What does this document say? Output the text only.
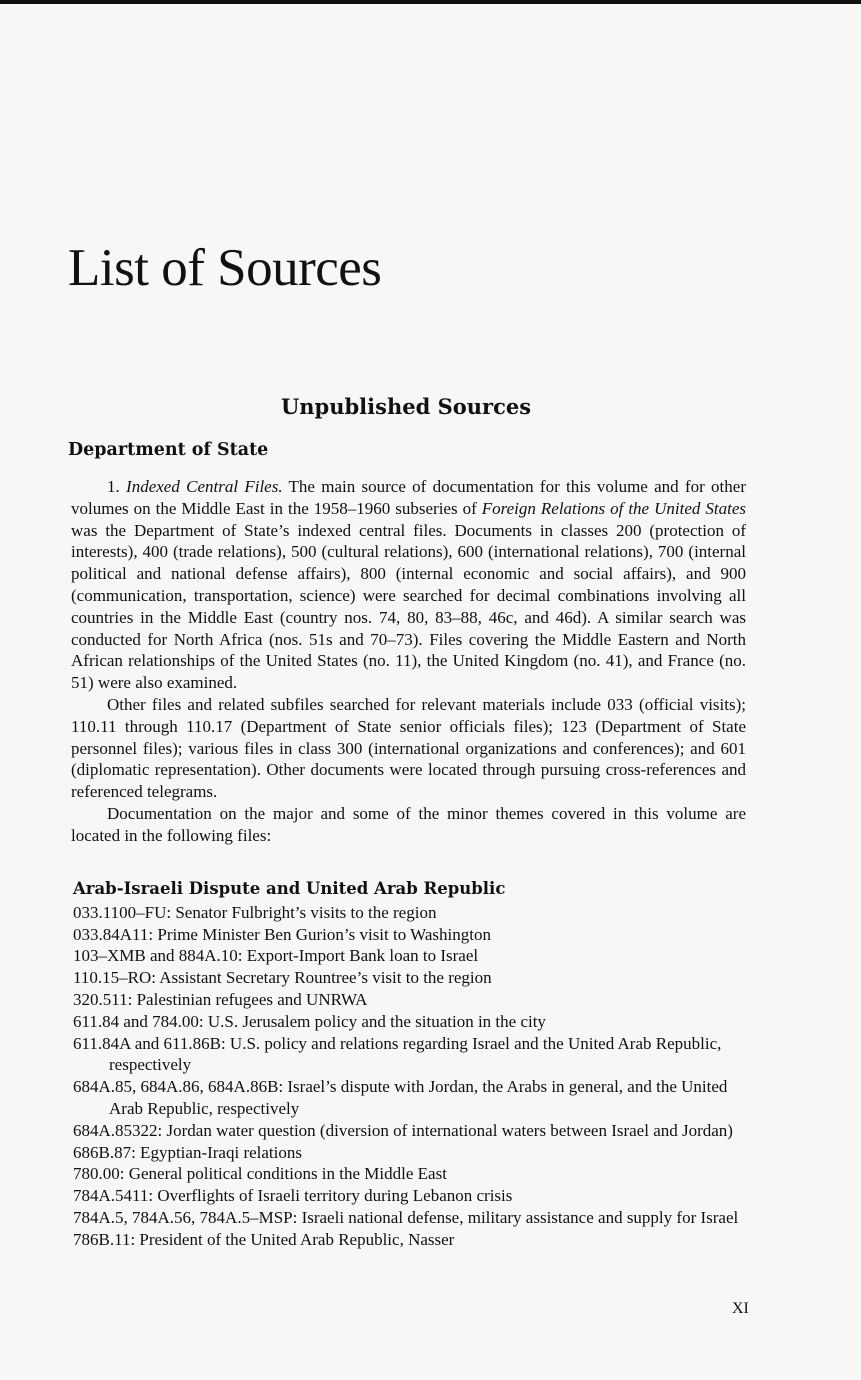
List of Sources
Unpublished Sources
Department of State

1. Indexed Central Files. The main source of documentation for this volume and for other volumes on the Middle East in the 1958–1960 subseries of Foreign Relations of the United States was the Department of State’s indexed central files. Documents in classes 200 (protection of interests), 400 (trade relations), 500 (cultural relations), 600 (international relations), 700 (internal political and national defense affairs), 800 (internal economic and social affairs), and 900 (communication, transportation, science) were searched for decimal combinations involving all countries in the Middle East (country nos. 74, 80, 83–88, 46c, and 46d). A similar search was conducted for North Africa (nos. 51s and 70–73). Files covering the Middle Eastern and North African relationships of the United States (no. 11), the United Kingdom (no. 41), and France (no. 51) were also examined.

Other files and related subfiles searched for relevant materials include 033 (official visits); 110.11 through 110.17 (Department of State senior officials files); 123 (Department of State personnel files); various files in class 300 (international organizations and conferences); and 601 (diplomatic representation). Other documents were located through pursuing cross-references and referenced telegrams.

Documentation on the major and some of the minor themes covered in this volume are located in the following files:

Arab-Israeli Dispute and United Arab Republic
033.1100–FU: Senator Fulbright’s visits to the region
033.84A11: Prime Minister Ben Gurion’s visit to Washington
103–XMB and 884A.10: Export-Import Bank loan to Israel
110.15–RO: Assistant Secretary Rountree’s visit to the region
320.511: Palestinian refugees and UNRWA
611.84 and 784.00: U.S. Jerusalem policy and the situation in the city
611.84A and 611.86B: U.S. policy and relations regarding Israel and the United Arab Republic, respectively
684A.85, 684A.86, 684A.86B: Israel’s dispute with Jordan, the Arabs in general, and the United Arab Republic, respectively
684A.85322: Jordan water question (diversion of international waters between Israel and Jordan)
686B.87: Egyptian-Iraqi relations
780.00: General political conditions in the Middle East
784A.5411: Overflights of Israeli territory during Lebanon crisis
784A.5, 784A.56, 784A.5–MSP: Israeli national defense, military assistance and supply for Israel
786B.11: President of the United Arab Republic, Nasser
XI
